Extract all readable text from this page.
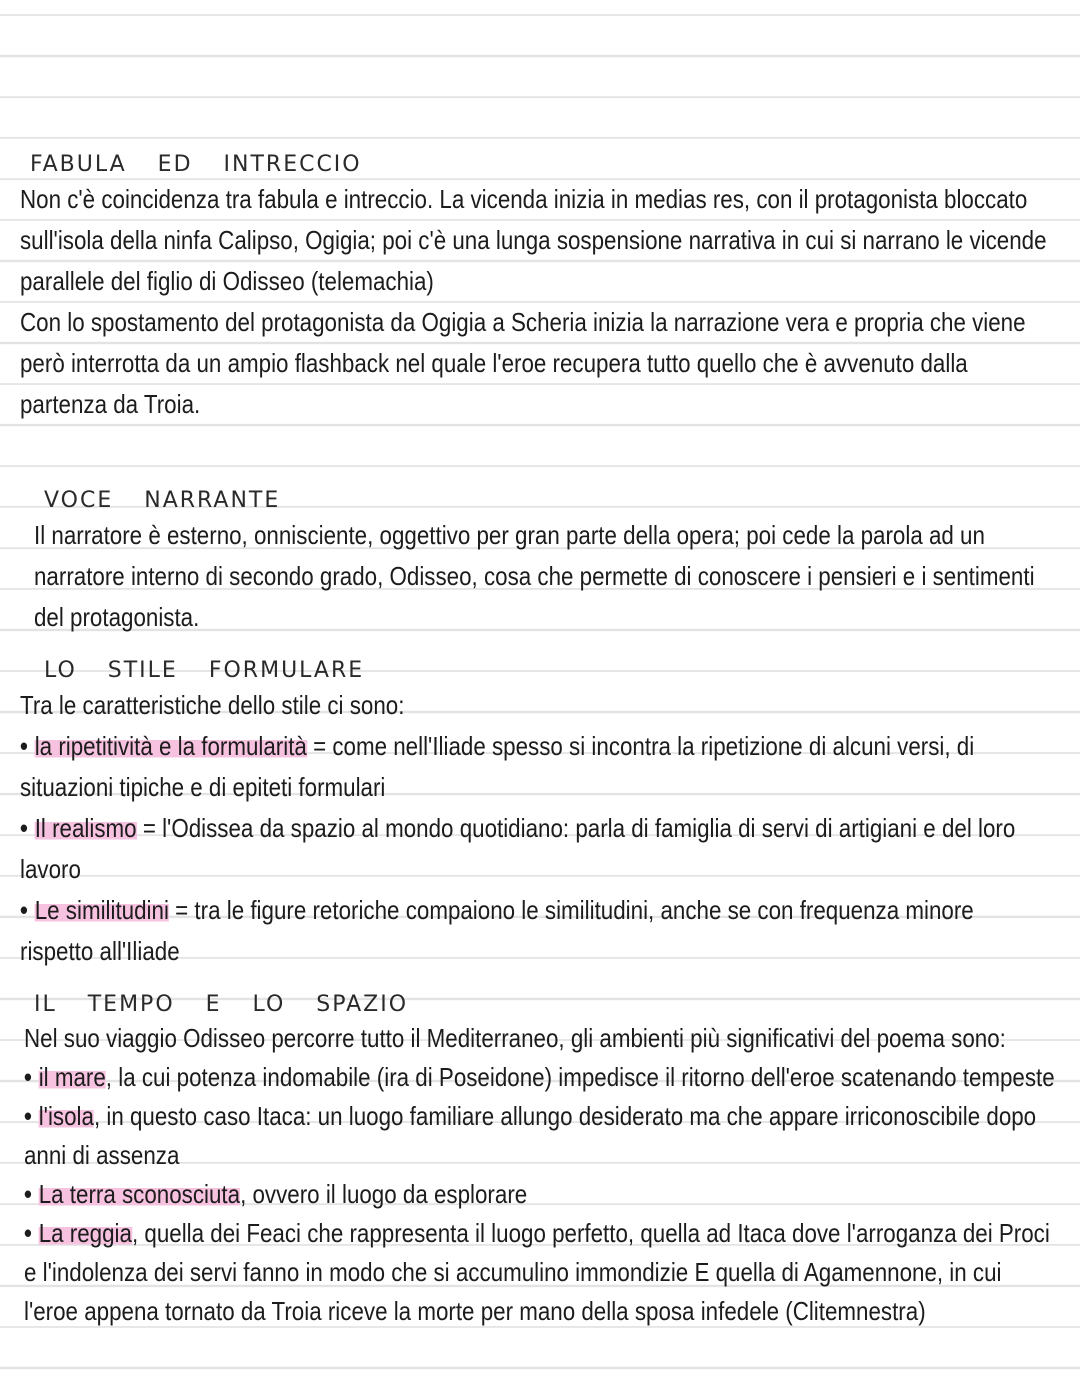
FABULA ED INTRECCIO

Non c'è coincidenza tra fabula e intreccio. La vicenda inizia in medias res, con il protagonista bloccato sull'isola della ninfa Calipso, Ogigia; poi c'è una lunga sospensione narrativa in cui si narrano le vicende parallele del figlio di Odisseo (telemachia)

Con lo spostamento del protagonista da Ogigia a Scheria inizia la narrazione vera e propria che viene però interrotta da un ampio flashback nel quale l'eroe recupera tutto quello che è avvenuto dalla partenza da Troia.

VOCE NARRANTE

Il narratore è esterno, onnisciente, oggettivo per gran parte della opera; poi cede la parola ad un narratore interno di secondo grado, Odisseo, cosa che permette di conoscere i pensieri e i sentimenti del protagonista.

LO STILE FORMULARE

Tra le caratteristiche dello stile ci sono:

• la ripetitività e la formularità = come nell'Iliade spesso si incontra la ripetizione di alcuni versi, di situazioni tipiche e di epiteti formulari

• Il realismo = l'Odissea da spazio al mondo quotidiano: parla di famiglia di servi di artigiani e del loro lavoro

• Le similitudini = tra le figure retoriche compaiono le similitudini, anche se con frequenza minore rispetto all'Iliade

IL TEMPO E LO SPAZIO

Nel suo viaggio Odisseo percorre tutto il Mediterraneo, gli ambienti più significativi del poema sono:

• il mare, la cui potenza indomabile (ira di Poseidone) impedisce il ritorno dell'eroe scatenando tempeste

• l'isola, in questo caso Itaca: un luogo familiare allungo desiderato ma che appare irriconoscibile dopo anni di assenza

• La terra sconosciuta, ovvero il luogo da esplorare

• La reggia, quella dei Feaci che rappresenta il luogo perfetto, quella ad Itaca dove l'arroganza dei Proci e l'indolenza dei servi fanno in modo che si accumulino immondizie E quella di Agamennone, in cui l'eroe appena tornato da Troia riceve la morte per mano della sposa infedele (Clitemnestra)
